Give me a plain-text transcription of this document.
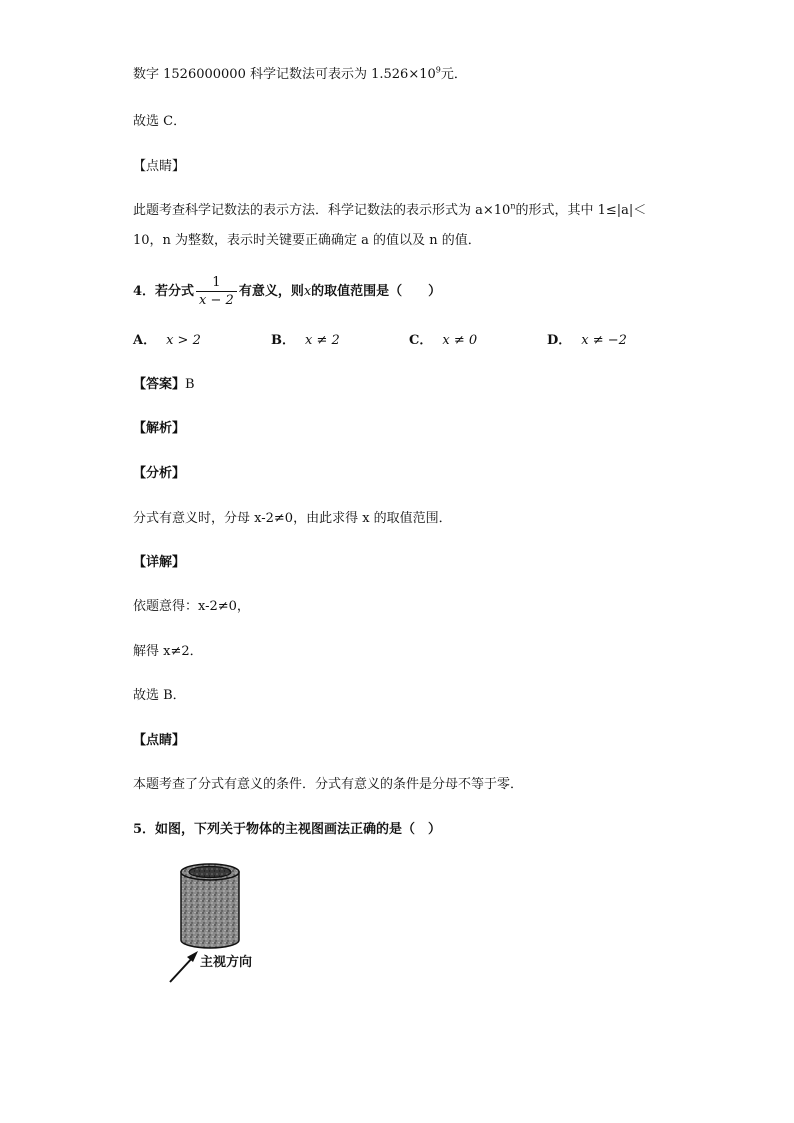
数字 1526000000 科学记数法可表示为 $1.526\times 10^9$元．
故选 C．
【点睛】
此题考查科学记数法的表示方法．科学记数法的表示形式为 $a\times 10^n$的形式，其中 1≤|a|＜
10，n 为整数，表示时关键要正确确定 a 的值以及 n 的值．
4．若分式 $\frac{1}{x - 2}$ 有意义，则x的取值范围是（　　）
A． x > 2	B． x ≠ 2	C． x ≠ 0	D． x ≠ −2
【答案】B
【解析】
【分析】
分式有意义时，分母 x-2≠0，由此求得 x 的取值范围．
【详解】
依题意得：x-2≠0，
解得 x≠2．
故选 B．
【点睛】
本题考查了分式有意义的条件．分式有意义的条件是分母不等于零．
5．如图，下列关于物体的主视图画法正确的是（　）
主视方向
